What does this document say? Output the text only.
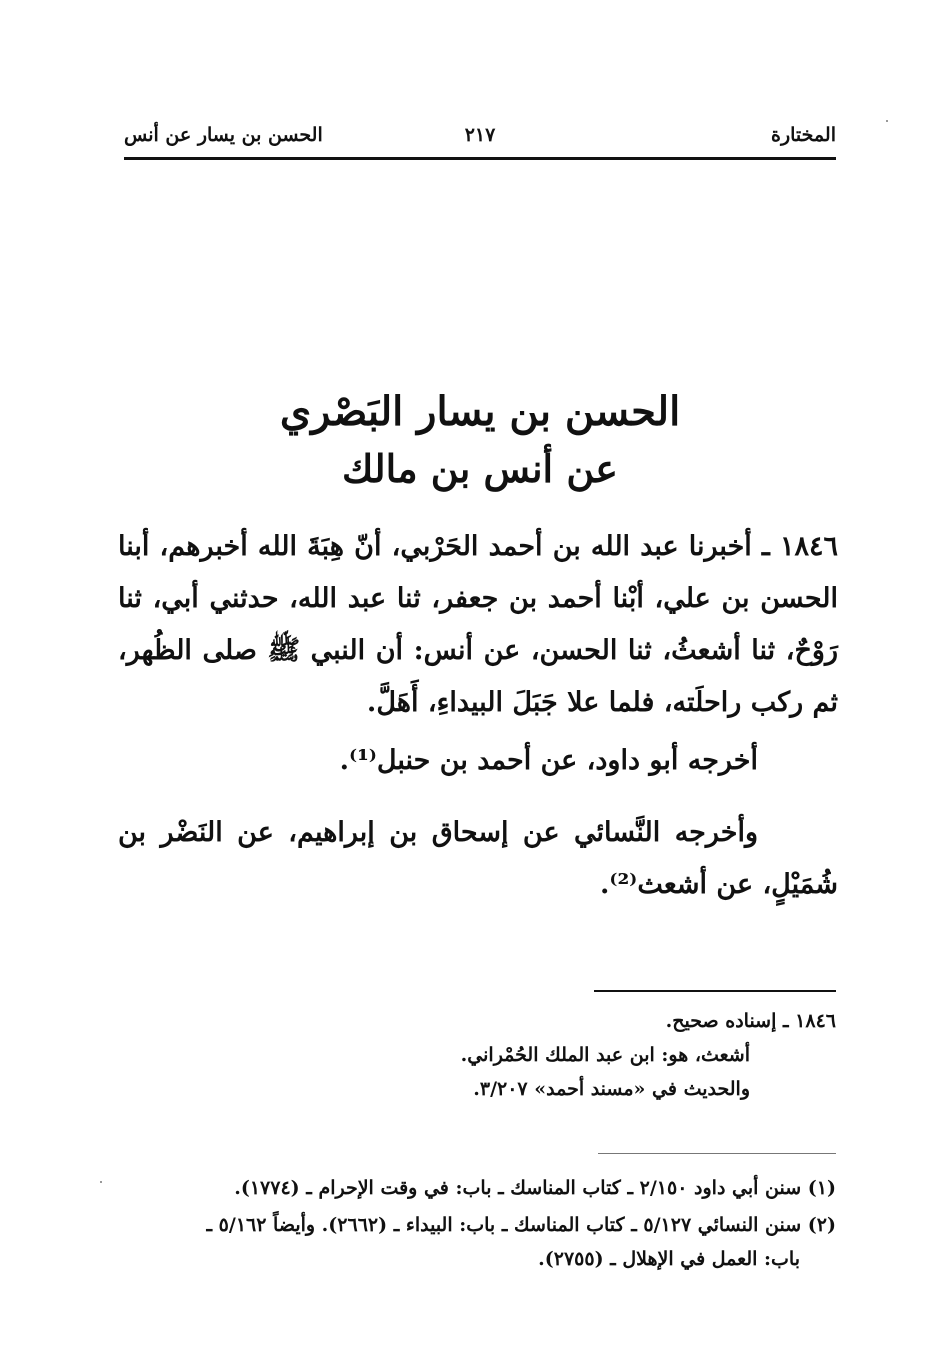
المختارة
٢١٧
الحسن بن يسار عن أنس
الحسن بن يسار البَصْري
عن أنس بن مالك
١٨٤٦ ـ أخبرنا عبد الله بن أحمد الحَرْبي، أنّ هِبَةَ الله أخبرهم، أبنا الحسن بن علي، أبْنا أحمد بن جعفر، ثنا عبد الله، حدثني أبي، ثنا رَوْحٌ، ثنا أشعثُ، ثنا الحسن، عن أنس: أن النبي ﷺ صلى الظُهر، ثم ركب راحلَته، فلما علا جَبَلَ البيداءِ، أَهَلَّ.
أخرجه أبو داود، عن أحمد بن حنبل⁽¹⁾.
وأخرجه النَّسائي عن إسحاق بن إبراهيم، عن النَضْر بن شُمَيْلٍ، عن أشعث⁽²⁾.
١٨٤٦ ـ إسناده صحيح.
أشعث، هو: ابن عبد الملك الحُمْراني.
والحديث في «مسند أحمد» ٣/٢٠٧.
(١) سنن أبي داود ٢/١٥٠ ـ كتاب المناسك ـ باب: في وقت الإحرام ـ (١٧٧٤).
(٢) سنن النسائي ٥/١٢٧ ـ كتاب المناسك ـ باب: البيداء ـ (٢٦٦٢). وأيضاً ٥/١٦٢ ـ
باب: العمل في الإهلال ـ (٢٧٥٥).
